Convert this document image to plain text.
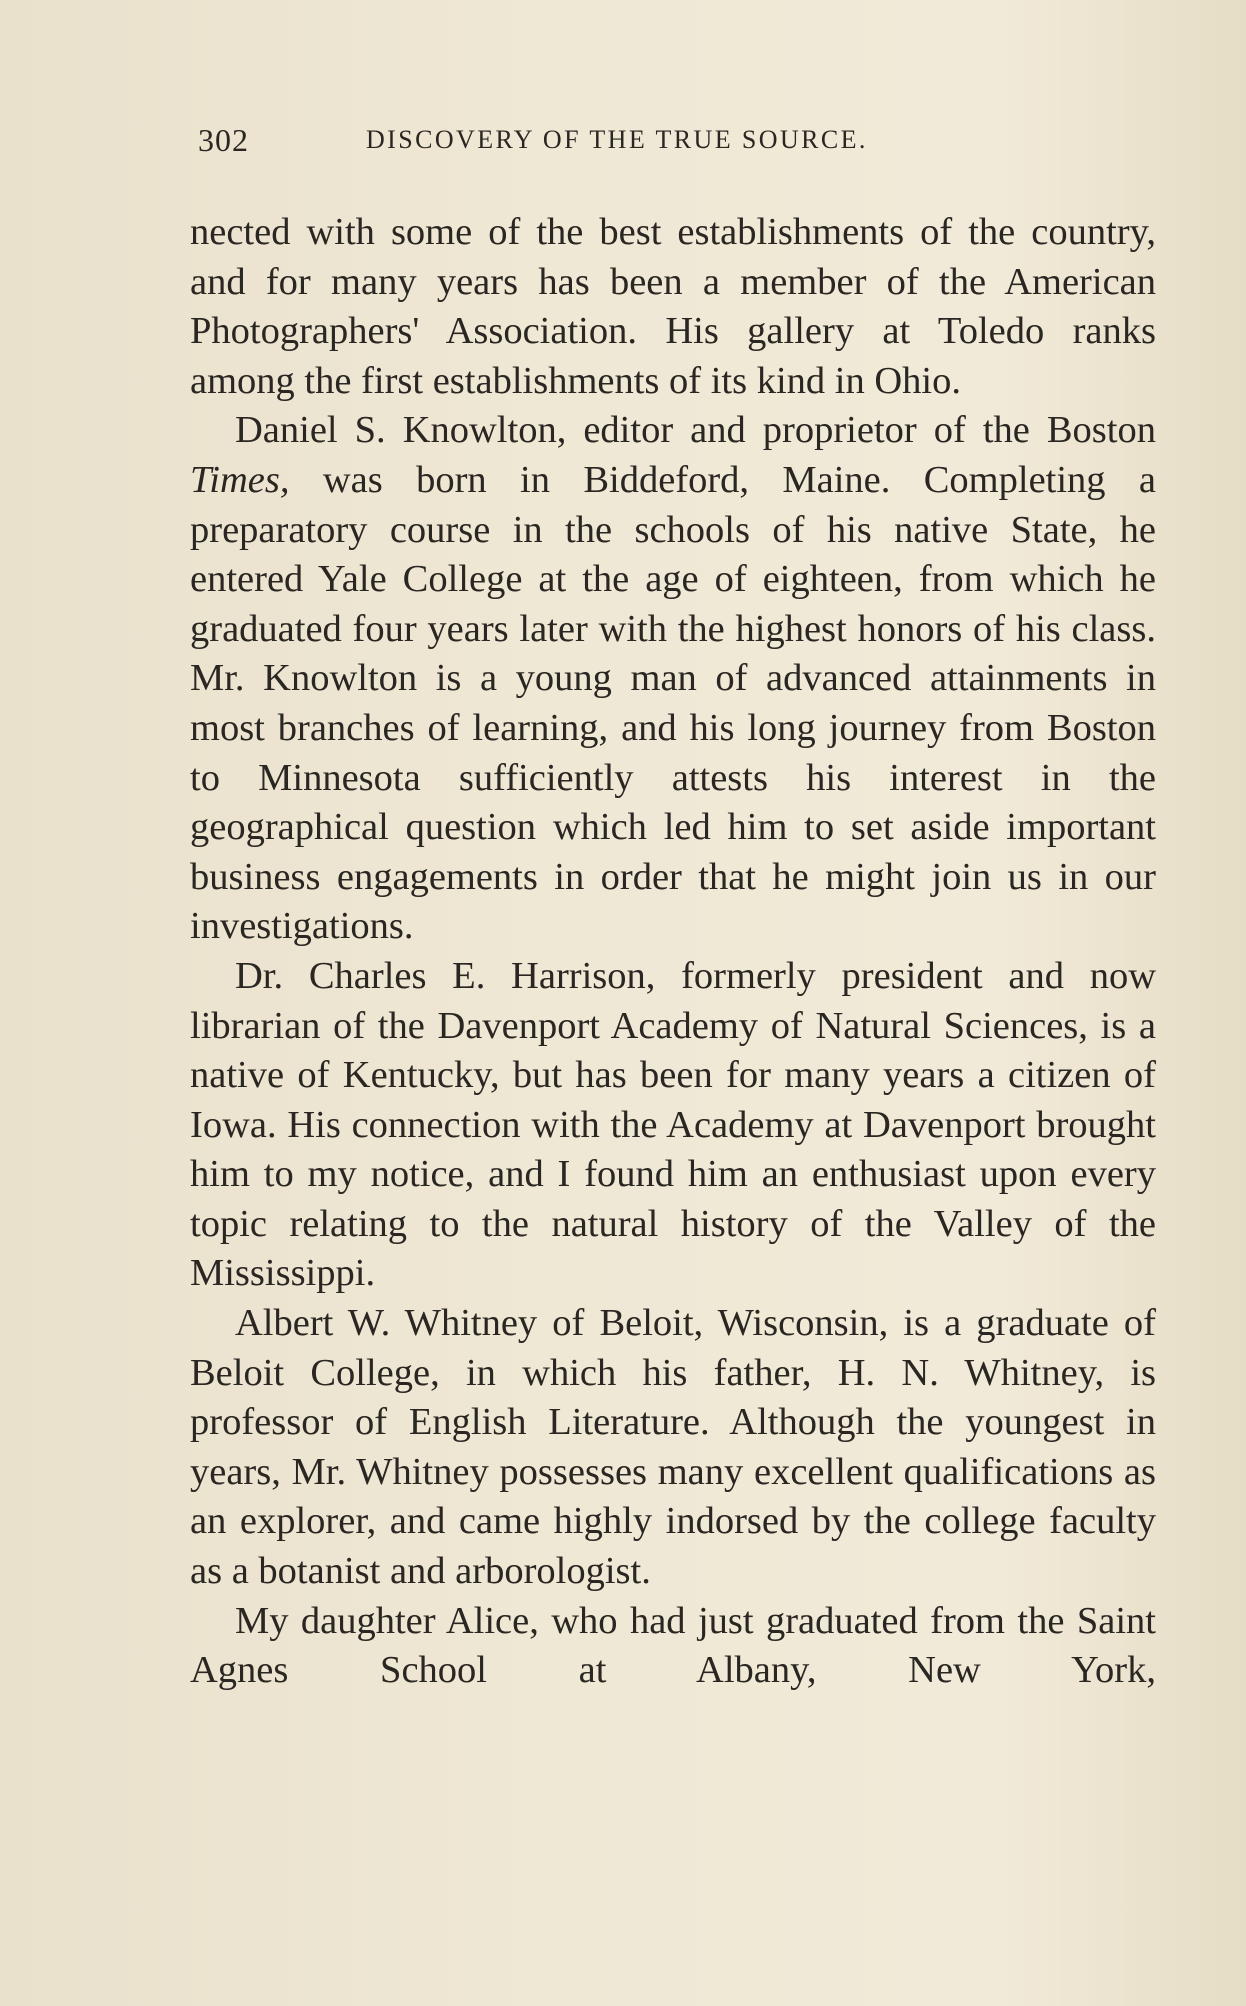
302	DISCOVERY OF THE TRUE SOURCE.

nected with some of the best establishments of the country, and for many years has been a member of the American Photographers' Association. His gallery at Toledo ranks among the first establishments of its kind in Ohio.

Daniel S. Knowlton, editor and proprietor of the Boston Times, was born in Biddeford, Maine. Completing a preparatory course in the schools of his native State, he entered Yale College at the age of eighteen, from which he graduated four years later with the highest honors of his class. Mr. Knowlton is a young man of advanced attainments in most branches of learning, and his long journey from Boston to Minnesota sufficiently attests his interest in the geographical question which led him to set aside important business engagements in order that he might join us in our investigations.

Dr. Charles E. Harrison, formerly president and now librarian of the Davenport Academy of Natural Sciences, is a native of Kentucky, but has been for many years a citizen of Iowa. His connection with the Academy at Davenport brought him to my notice, and I found him an enthusiast upon every topic relating to the natural history of the Valley of the Mississippi.

Albert W. Whitney of Beloit, Wisconsin, is a graduate of Beloit College, in which his father, H. N. Whitney, is professor of English Literature. Although the youngest in years, Mr. Whitney possesses many excellent qualifications as an explorer, and came highly indorsed by the college faculty as a botanist and arborologist.

My daughter Alice, who had just graduated from the Saint Agnes School at Albany, New York,
